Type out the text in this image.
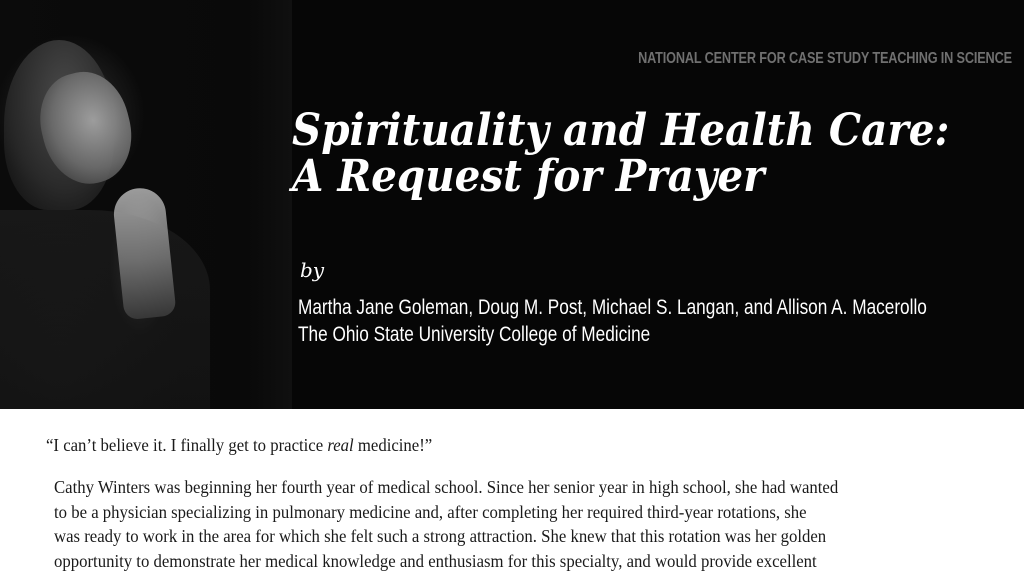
NATIONAL CENTER FOR CASE STUDY TEACHING IN SCIENCE
Spirituality and Health Care:
A Request for Prayer
by
Martha Jane Goleman, Doug M. Post, Michael S. Langan, and Allison A. Macerollo
The Ohio State University College of Medicine

“I can’t believe it. I finally get to practice real medicine!”

Cathy Winters was beginning her fourth year of medical school. Since her senior year in high school, she had wanted
to be a physician specializing in pulmonary medicine and, after completing her required third-year rotations, she
was ready to work in the area for which she felt such a strong attraction. She knew that this rotation was her golden
opportunity to demonstrate her medical knowledge and enthusiasm for this specialty, and would provide excellent
